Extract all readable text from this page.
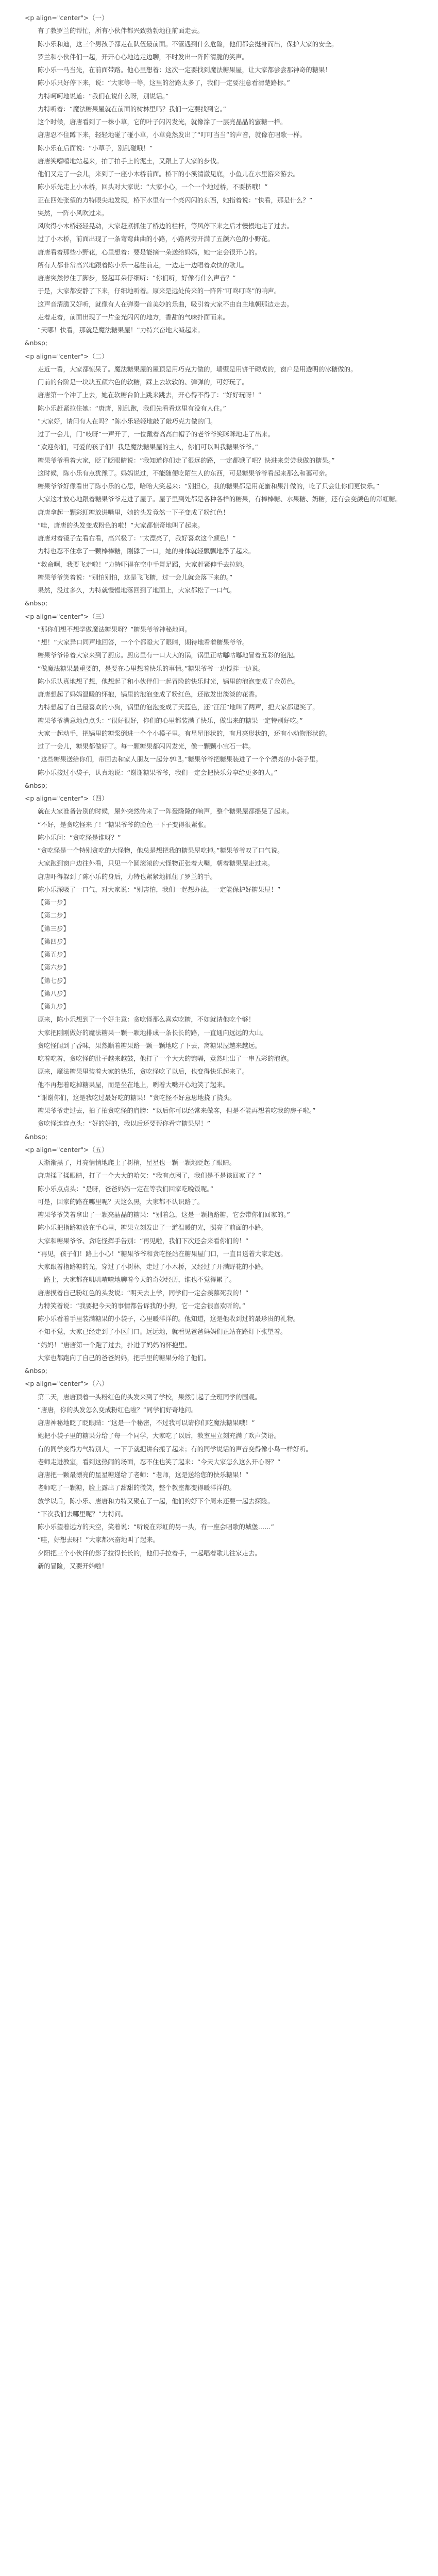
<p align="center">（一）

有了教罗兰的帮忙，所有小伙伴都兴致勃勃地往前面走去。

陈小乐和迪，这三个男孩子都走在队伍最前面。不管遇到什么危险，他们都会挺身而出，保护大家的安全。

罗兰和小伙伴们一起，开开心心地边走边聊，不时发出一阵阵清脆的笑声。

陈小乐一马当先，在前面带路。他心里想着：这次一定要找到魔法糖果屋，让大家都尝尝那神奇的糖果！

陈小乐只好停下来，说：“大家等一等，这里的岔路太多了，我们一定要注意看清楚路标。”

力特呵呵地说道：“我们在说什么呀，别说话。”

力特听着：“魔法糖果屋就在前面的树林里吗？我们一定要找到它。”

这个时候，唐唐看到了一株小草，它的叶子闪闪发光，就像涂了一层亮晶晶的蜜糖一样。

唐唐忍不住蹲下来，轻轻地碰了碰小草，小草竟然发出了“叮叮当当”的声音，就像在唱歌一样。

陈小乐在后面说：“小草子，别乱碰哦！”

唐唐笑嘻嘻地站起来，拍了拍手上的泥土，又跟上了大家的步伐。

他们又走了一会儿，来到了一座小木桥前面。桥下的小溪清澈见底，小鱼儿在水里游来游去。

陈小乐先走上小木桥，回头对大家说：“大家小心，一个一个地过桥，不要挤哦！”

正在四处张望的力特眼尖地发现，桥下水里有一个亮闪闪的东西，她指着说：“快看，那是什么？”

突然，一阵小风吹过来。

风吹得小木桥轻轻晃动，大家赶紧抓住了桥边的栏杆，等风停下来之后才慢慢地走了过去。

过了小木桥，前面出现了一条弯弯曲曲的小路，小路两旁开满了五颜六色的小野花。

唐唐看着那些小野花，心里想着：要是能摘一朵送给妈妈，她一定会很开心的。

所有人都非常高兴地跟着陈小乐一起往前走，一边走一边唱着欢快的歌儿。

唐唐突然停住了脚步，竖起耳朵仔细听：“你们听，好像有什么声音？”

于是，大家都安静了下来，仔细地听着。原来是远处传来的一阵阵“叮咚叮咚”的响声。

这声音清脆又好听，就像有人在弹奏一首美妙的乐曲，吸引着大家不由自主地朝那边走去。

走着走着，前面出现了一片金光闪闪的地方，香甜的气味扑面而来。

“天哪！快看，那就是魔法糖果屋！”力特兴奋地大喊起来。

&nbsp;

<p align="center">（二）

走近一看，大家都惊呆了。魔法糖果屋的屋顶是用巧克力做的，墙壁是用饼干砌成的，窗户是用透明的冰糖做的。

门前的台阶是一块块五颜六色的软糖，踩上去软软的、弹弹的，可好玩了。

唐唐第一个冲了上去，她在软糖台阶上跳来跳去，开心得不得了：“好好玩呀！”

陈小乐赶紧拉住她：“唐唐，别乱跑，我们先看看这里有没有人住。”

“大家好，请问有人在吗？”陈小乐轻轻地敲了敲巧克力做的门。

过了一会儿，门“吱呀”一声开了，一位戴着高高白帽子的老爷爷笑眯眯地走了出来。

“欢迎你们，可爱的孩子们！我是魔法糖果屋的主人，你们可以叫我糖果爷爷。”

糖果爷爷看着大家，眨了眨眼睛说：“我知道你们走了很远的路，一定都饿了吧？快进来尝尝我做的糖果。”

这时候，陈小乐有点犹豫了。妈妈说过，不能随便吃陌生人的东西，可是糖果爷爷看起来那么和蔼可亲。

糖果爷爷好像看出了陈小乐的心思，哈哈大笑起来：“别担心，我的糖果都是用花蜜和果汁做的，吃了只会让你们更快乐。”

大家这才放心地跟着糖果爷爷走进了屋子。屋子里到处都是各种各样的糖果，有棒棒糖、水果糖、奶糖，还有会变颜色的彩虹糖。

唐唐拿起一颗彩虹糖放进嘴里，她的头发竟然一下子变成了粉红色！

“哇，唐唐的头发变成粉色的啦！”大家都惊奇地叫了起来。

唐唐对着镜子左看右看，高兴极了：“太漂亮了，我好喜欢这个颜色！”

力特也忍不住拿了一颗棒棒糖，刚舔了一口，她的身体就轻飘飘地浮了起来。

“救命啊，我要飞走啦！”力特吓得在空中手舞足蹈，大家赶紧伸手去拉她。

糖果爷爷笑着说：“别怕别怕，这是飞飞糖，过一会儿就会落下来的。”

果然，没过多久，力特就慢慢地落回到了地面上，大家都松了一口气。

&nbsp;

<p align="center">（三）

“那你们想不想学做魔法糖果呀？”糖果爷爷神秘地问。

“想！”大家异口同声地回答，一个个都瞪大了眼睛，期待地看着糖果爷爷。

糖果爷爷带着大家来到了厨房。厨房里有一口大大的锅，锅里正咕嘟咕嘟地冒着五彩的泡泡。

“做魔法糖果最重要的，是要在心里想着快乐的事情。”糖果爷爷一边搅拌一边说。

陈小乐认真地想了想，他想起了和小伙伴们一起冒险的快乐时光，锅里的泡泡变成了金黄色。

唐唐想起了妈妈温暖的怀抱，锅里的泡泡变成了粉红色，还散发出淡淡的花香。

力特想起了自己最喜欢的小狗，锅里的泡泡变成了天蓝色，还“汪汪”地叫了两声，把大家都逗笑了。

糖果爷爷满意地点点头：“很好很好，你们的心里都装满了快乐，做出来的糖果一定特别好吃。”

大家一起动手，把锅里的糖浆倒进一个个小模子里。有星星形状的，有月亮形状的，还有小动物形状的。

过了一会儿，糖果都做好了。每一颗糖果都闪闪发光，像一颗颗小宝石一样。

“这些糖果送给你们，带回去和家人朋友一起分享吧。”糖果爷爷把糖果装进了一个个漂亮的小袋子里。

陈小乐接过小袋子，认真地说：“谢谢糖果爷爷，我们一定会把快乐分享给更多的人。”

&nbsp;

<p align="center">（四）

就在大家准备告别的时候，屋外突然传来了一阵轰隆隆的响声，整个糖果屋都摇晃了起来。

“不好，是贪吃怪来了！”糖果爷爷的脸色一下子变得很紧张。

陈小乐问：“贪吃怪是谁呀？”

“贪吃怪是一个特别贪吃的大怪物，他总是想把我的糖果屋吃掉。”糖果爷爷叹了口气说。

大家跑到窗户边往外看，只见一个圆滚滚的大怪物正张着大嘴，朝着糖果屋走过来。

唐唐吓得躲到了陈小乐的身后，力特也紧紧地抓住了罗兰的手。

陈小乐深吸了一口气，对大家说：“别害怕，我们一起想办法，一定能保护好糖果屋！”

【第一步】

【第二步】

【第三步】

【第四步】

【第五步】

【第六步】

【第七步】

【第八步】

【第九步】

原来，陈小乐想到了一个好主意：贪吃怪那么喜欢吃糖，不如就请他吃个够！

大家把刚刚做好的魔法糖果一颗一颗地排成一条长长的路，一直通向远远的大山。

贪吃怪闻到了香味，果然顺着糖果路一颗一颗地吃了下去，离糖果屋越来越远。

吃着吃着，贪吃怪的肚子越来越鼓，他打了一个大大的饱嗝，竟然吐出了一串五彩的泡泡。

原来，魔法糖果里装着大家的快乐，贪吃怪吃了以后，也变得快乐起来了。

他不再想着吃掉糖果屋，而是坐在地上，咧着大嘴开心地笑了起来。

“谢谢你们，这是我吃过最好吃的糖果！”贪吃怪不好意思地挠了挠头。

糖果爷爷走过去，拍了拍贪吃怪的肩膀：“以后你可以经常来做客，但是不能再想着吃我的房子啦。”

贪吃怪连连点头：“好的好的，我以后还要帮你看守糖果屋！”

&nbsp;

<p align="center">（五）

天渐渐黑了，月亮悄悄地爬上了树梢，星星也一颗一颗地眨起了眼睛。

唐唐揉了揉眼睛，打了一个大大的哈欠：“我有点困了，我们是不是该回家了？”

陈小乐点点头：“是呀，爸爸妈妈一定在等我们回家吃晚饭呢。”

可是，回家的路在哪里呢？天这么黑，大家都不认识路了。

糖果爷爷笑着拿出了一颗亮晶晶的糖果：“别着急，这是一颗指路糖，它会带你们回家的。”

陈小乐把指路糖放在手心里，糖果立刻发出了一道温暖的光，照亮了前面的小路。

大家和糖果爷爷、贪吃怪挥手告别：“再见啦，我们下次还会来看你们的！”

“再见，孩子们！路上小心！”糖果爷爷和贪吃怪站在糖果屋门口，一直目送着大家走远。

大家跟着指路糖的光，穿过了小树林，走过了小木桥，又经过了开满野花的小路。

一路上，大家都在叽叽喳喳地聊着今天的奇妙经历，谁也不觉得累了。

唐唐摸着自己粉红色的头发说：“明天去上学，同学们一定会羡慕死我的！”

力特笑着说：“我要把今天的事情都告诉我的小狗，它一定会很喜欢听的。”

陈小乐看着手里装满糖果的小袋子，心里暖洋洋的。他知道，这是他收到过的最珍贵的礼物。

不知不觉，大家已经走到了小区门口。远远地，就看见爸爸妈妈们正站在路灯下张望着。

“妈妈！”唐唐第一个跑了过去，扑进了妈妈的怀抱里。

大家也都跑向了自己的爸爸妈妈，把手里的糖果分给了他们。

&nbsp;

<p align="center">（六）

第二天，唐唐顶着一头粉红色的头发来到了学校，果然引起了全班同学的围观。

“唐唐，你的头发怎么变成粉红色啦？”同学们好奇地问。

唐唐神秘地眨了眨眼睛：“这是一个秘密，不过我可以请你们吃魔法糖果哦！”

她把小袋子里的糖果分给了每一个同学，大家吃了以后，教室里立刻充满了欢声笑语。

有的同学变得力气特别大，一下子就把讲台搬了起来；有的同学说话的声音变得像小鸟一样好听。

老师走进教室，看到这热闹的场面，忍不住也笑了起来：“今天大家怎么这么开心呀？”

唐唐把一颗最漂亮的星星糖递给了老师：“老师，这是送给您的快乐糖果！”

老师吃了一颗糖，脸上露出了甜甜的微笑，整个教室都变得暖洋洋的。

放学以后，陈小乐、唐唐和力特又聚在了一起，他们约好下个周末还要一起去探险。

“下次我们去哪里呢？”力特问。

陈小乐望着远方的天空，笑着说：“听说在彩虹的另一头，有一座会唱歌的城堡……”

“哇，好想去呀！”大家都兴奋地叫了起来。

夕阳把三个小伙伴的影子拉得长长的，他们手拉着手，一起唱着歌儿往家走去。

新的冒险，又要开始啦！
